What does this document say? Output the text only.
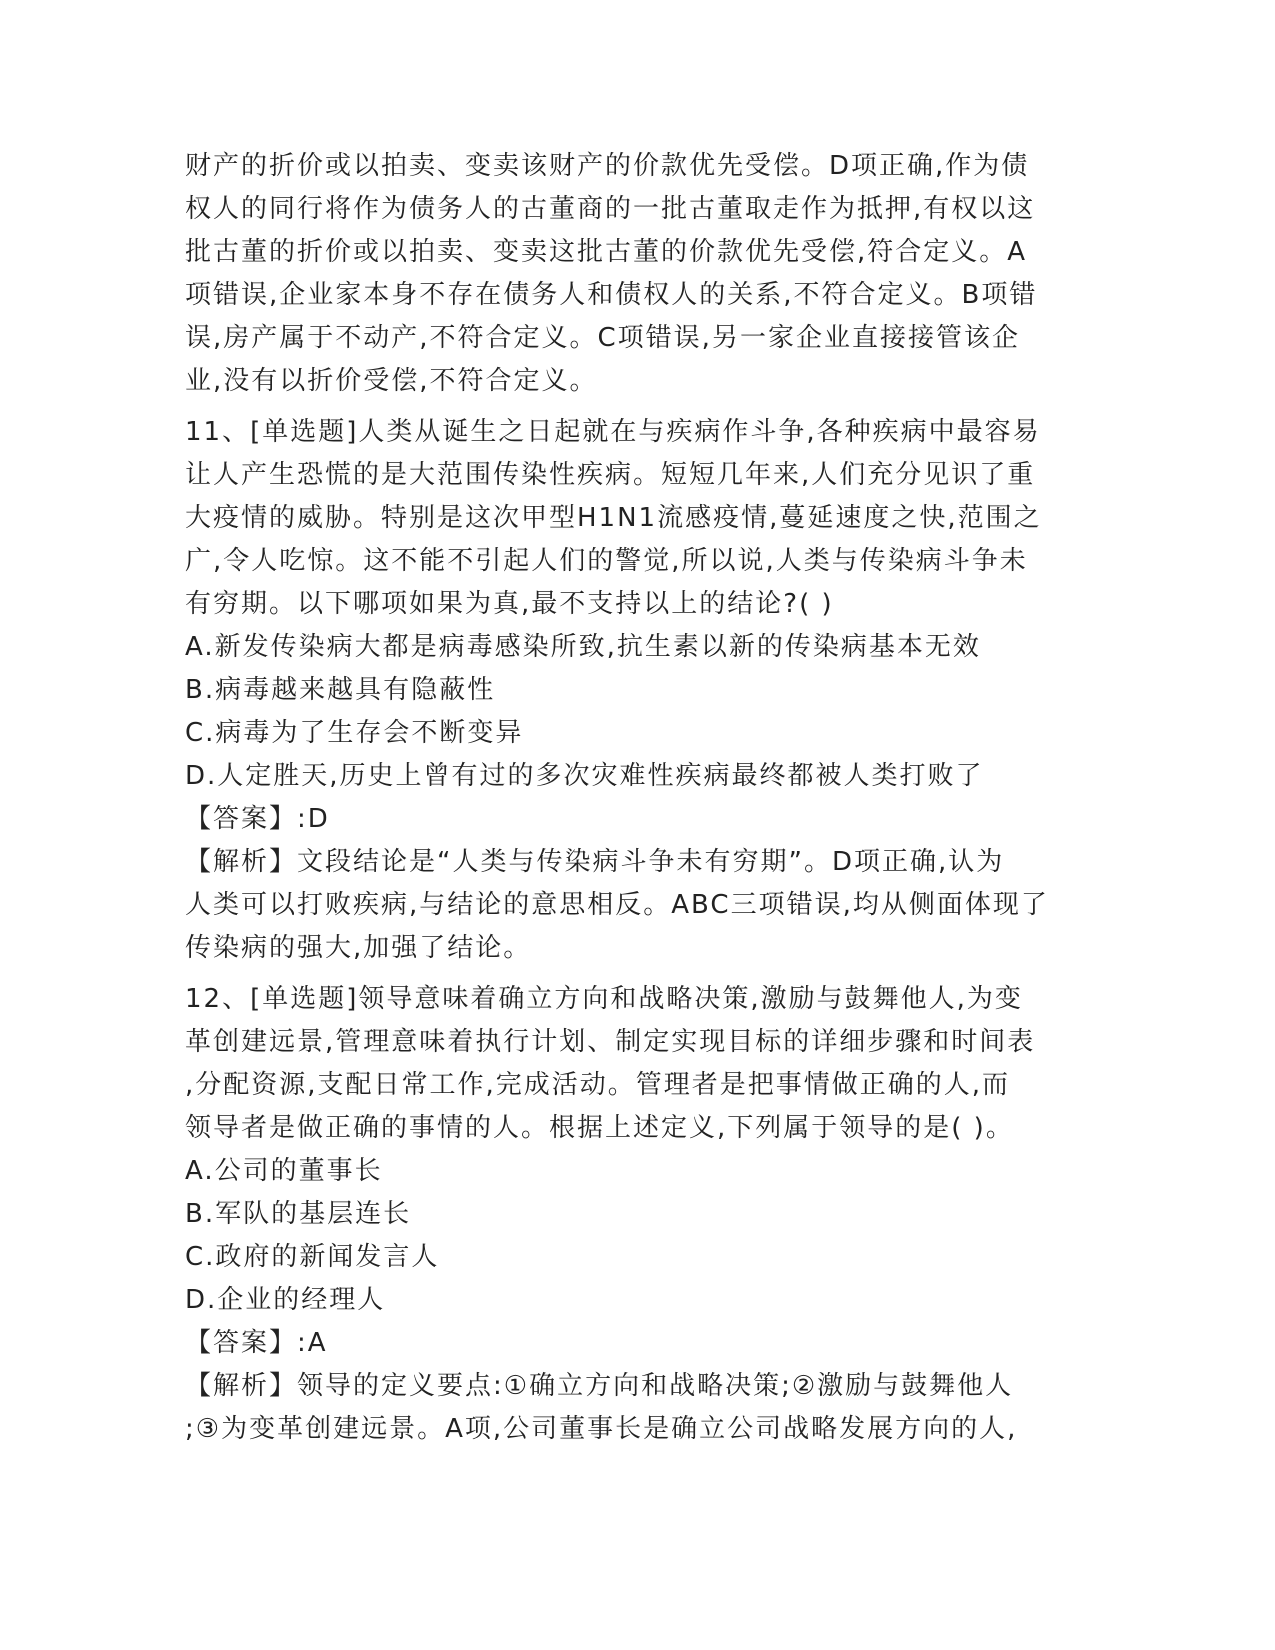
财产的折价或以拍卖、变卖该财产的价款优先受偿。D项正确,作为债
权人的同行将作为债务人的古董商的一批古董取走作为抵押,有权以这
批古董的折价或以拍卖、变卖这批古董的价款优先受偿,符合定义。A
项错误,企业家本身不存在债务人和债权人的关系,不符合定义。B项错
误,房产属于不动产,不符合定义。C项错误,另一家企业直接接管该企
业,没有以折价受偿,不符合定义。
11、[单选题]人类从诞生之日起就在与疾病作斗争,各种疾病中最容易
让人产生恐慌的是大范围传染性疾病。短短几年来,人们充分见识了重
大疫情的威胁。特别是这次甲型H1N1流感疫情,蔓延速度之快,范围之
广,令人吃惊。这不能不引起人们的警觉,所以说,人类与传染病斗争未
有穷期。以下哪项如果为真,最不支持以上的结论?( )
A.新发传染病大都是病毒感染所致,抗生素以新的传染病基本无效
B.病毒越来越具有隐蔽性
C.病毒为了生存会不断变异
D.人定胜天,历史上曾有过的多次灾难性疾病最终都被人类打败了
【答案】:D
【解析】文段结论是“人类与传染病斗争未有穷期”。D项正确,认为
人类可以打败疾病,与结论的意思相反。ABC三项错误,均从侧面体现了
传染病的强大,加强了结论。
12、[单选题]领导意味着确立方向和战略决策,激励与鼓舞他人,为变
革创建远景,管理意味着执行计划、制定实现目标的详细步骤和时间表
,分配资源,支配日常工作,完成活动。管理者是把事情做正确的人,而
领导者是做正确的事情的人。根据上述定义,下列属于领导的是( )。
A.公司的董事长
B.军队的基层连长
C.政府的新闻发言人
D.企业的经理人
【答案】:A
【解析】领导的定义要点:①确立方向和战略决策;②激励与鼓舞他人
;③为变革创建远景。A项,公司董事长是确立公司战略发展方向的人,
